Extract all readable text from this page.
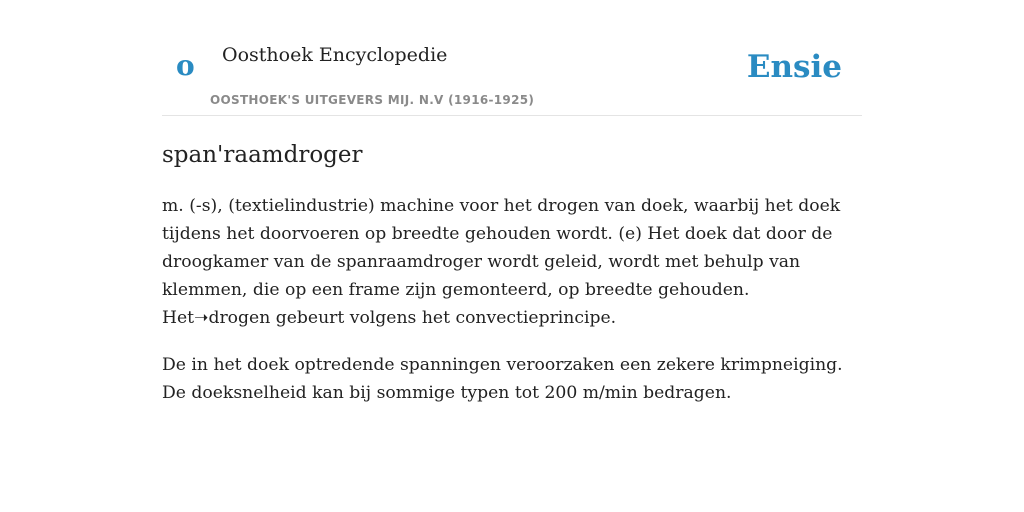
o Oosthoek Encyclopedie
OOSTHOEK'S UITGEVERS MIJ. N.V (1916-1925)
Ensie
span'raamdroger

m. (-s), (textielindustrie) machine voor het drogen van doek, waarbij het doek tijdens het doorvoeren op breedte gehouden wordt. (e) Het doek dat door de droogkamer van de spanraamdroger wordt geleid, wordt met behulp van klemmen, die op een frame zijn gemonteerd, op breedte gehouden. Het➝drogen gebeurt volgens het convectieprincipe.

De in het doek optredende spanningen veroorzaken een zekere krimpneiging. De doeksnelheid kan bij sommige typen tot 200 m/min bedragen.
